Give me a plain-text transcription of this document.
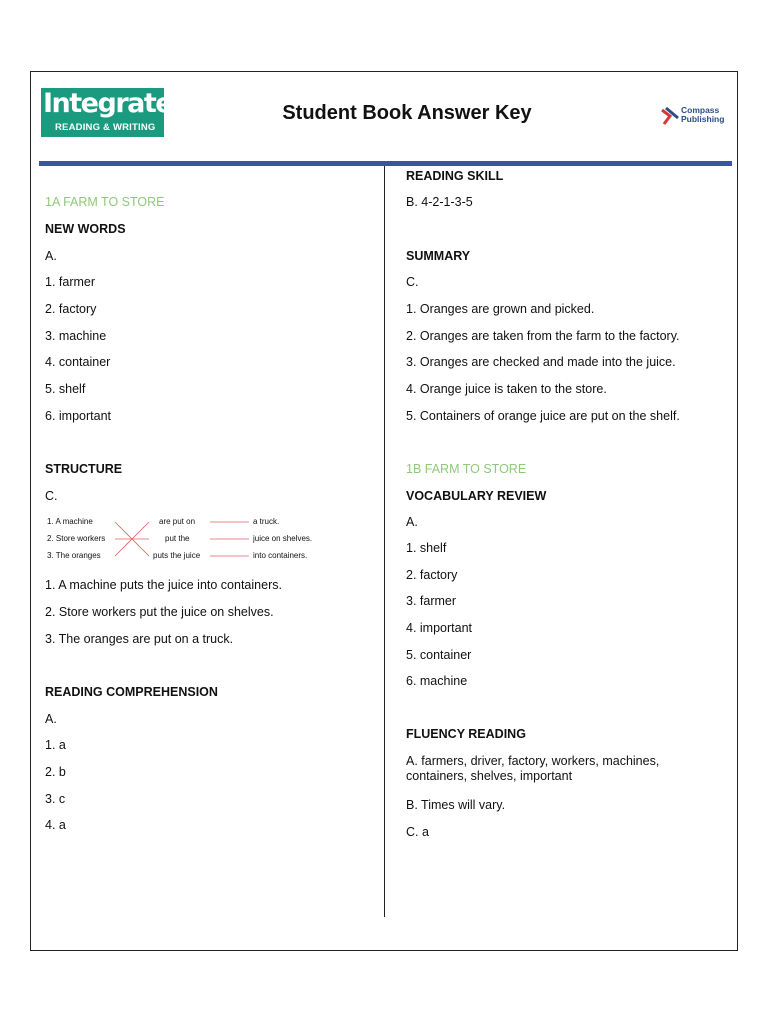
Integrate
READING & WRITING
Student Book Answer Key	Compass
Publishing
1A FARM TO STORE
NEW WORDS
A.
1. farmer
2. factory
3. machine
4. container
5. shelf
6. important
STRUCTURE
C.
1. A machine puts the juice into containers.
2. Store workers put the juice on shelves.
3. The oranges are put on a truck.
READING COMPREHENSION
A.
1. a
2. b
3. c
4. a
1. A machine
2. Store workers
3. The oranges
are put on
put the
puts the juice
a truck.
juice on shelves.
into containers.
READING SKILL
B. 4-2-1-3-5
SUMMARY
C.
1. Oranges are grown and picked.
2. Oranges are taken from the farm to the factory.
3. Oranges are checked and made into the juice.
4. Orange juice is taken to the store.
5. Containers of orange juice are put on the shelf.
1B FARM TO STORE
VOCABULARY REVIEW
A.
1. shelf
2. factory
3. farmer
4. important
5. container
6. machine
FLUENCY READING
A. farmers, driver, factory, workers, machines, containers, shelves, important
B. Times will vary.
C. a
